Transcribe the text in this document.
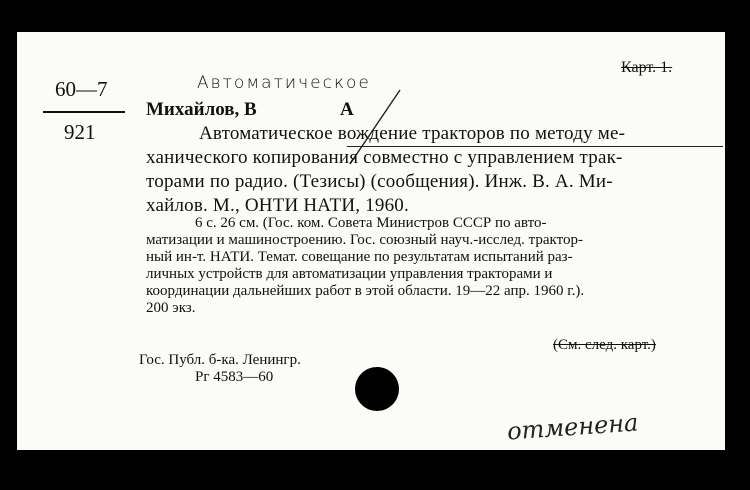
60—7
921
Автоматическое
Карт. 1.
Михайлов, В	А
Автоматическое вождение тракторов по методу ме-
ханического копирования совместно с управлением трак-
торами по радио. (Тезисы) (сообщения). Инж. В. А. Ми-
хайлов. М., ОНТИ НАТИ, 1960.
6 с. 26 см. (Гос. ком. Совета Министров СССР по авто-
матизации и машиностроению. Гос. союзный науч.-исслед. трактор-
ный ин-т. НАТИ. Темат. совещание по результатам испытаний раз-
личных устройств для автоматизации управления тракторами и
координации дальнейших работ в этой области. 19—22 апр. 1960 г.).
200 экз.
(См. след. карт.)
Гос. Публ. б-ка. Ленингр.
Рг 4583—60
отменена
